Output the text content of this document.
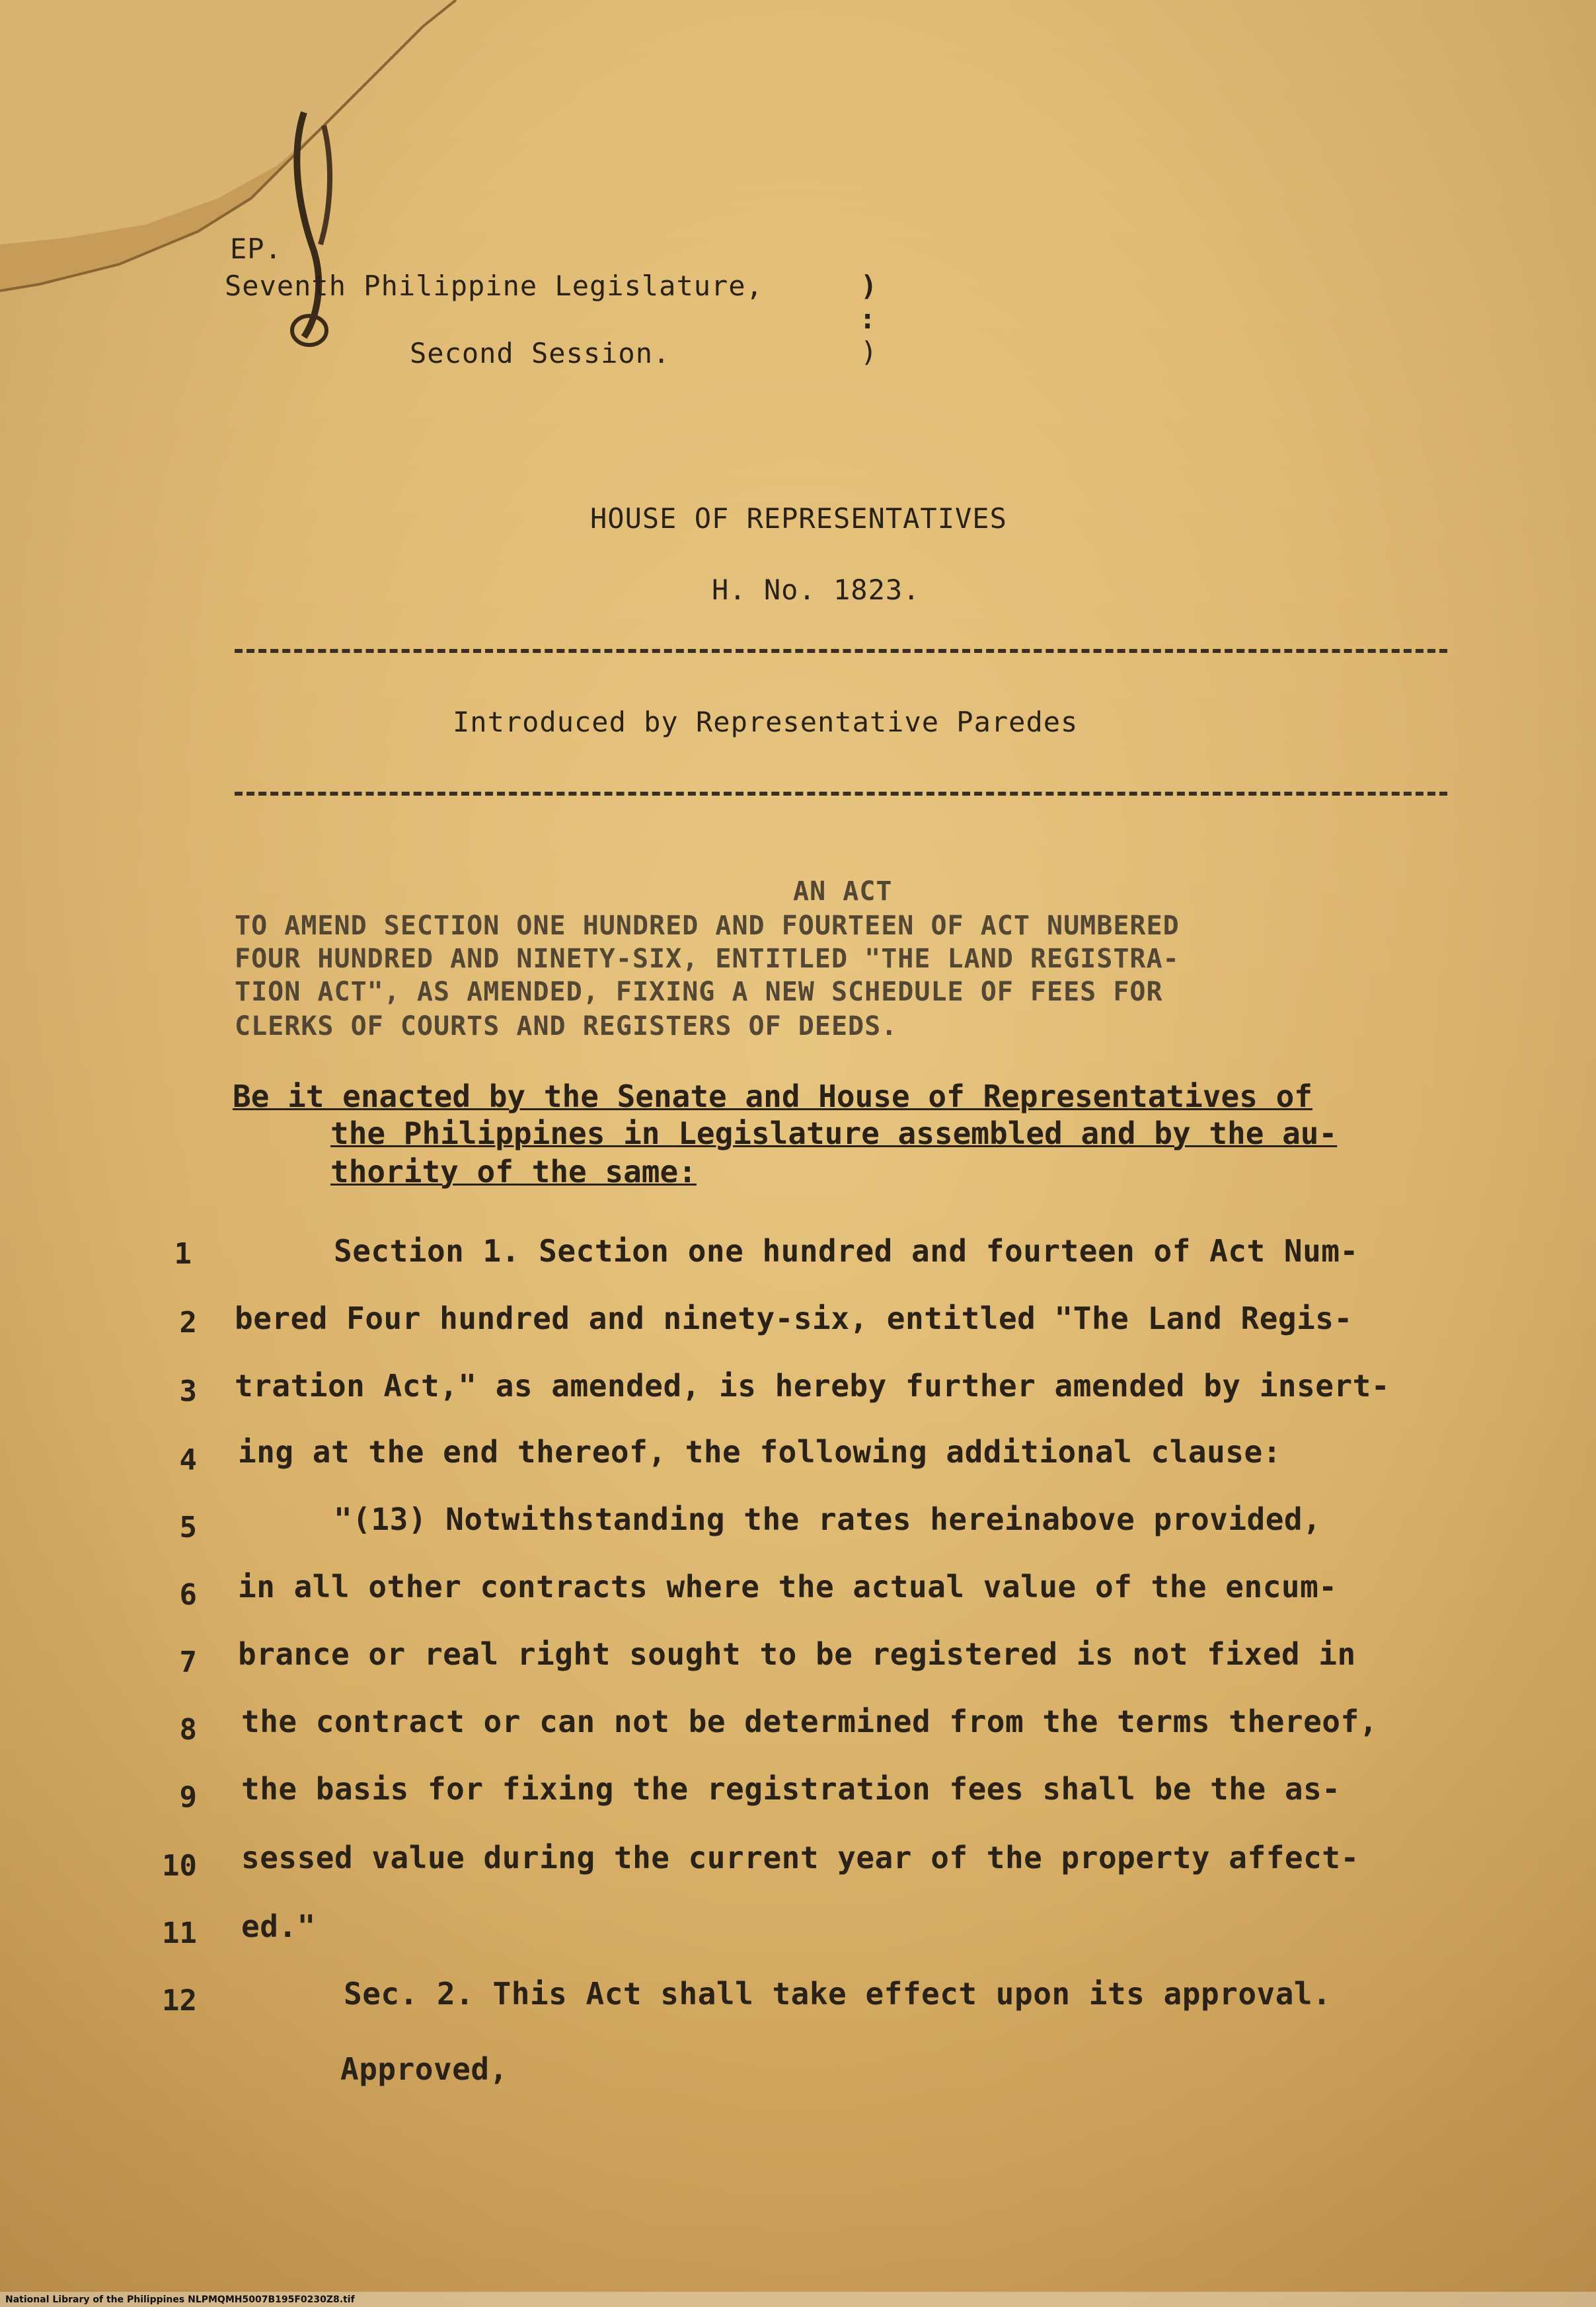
EP.
Seventh Philippine Legislature,	)
:
)
Second Session.
HOUSE OF REPRESENTATIVES
H. No. 1823.
Introduced by Representative Paredes
AN ACT
TO AMEND SECTION ONE HUNDRED AND FOURTEEN OF ACT NUMBERED
FOUR HUNDRED AND NINETY-SIX, ENTITLED "THE LAND REGISTRA-
TION ACT", AS AMENDED, FIXING A NEW SCHEDULE OF FEES FOR
CLERKS OF COURTS AND REGISTERS OF DEEDS.
Be it enacted by the Senate and House of Representatives of
the Philippines in Legislature assembled and by the au-
thority of the same:
1	Section 1. Section one hundred and fourteen of Act Num-
2 bered Four hundred and ninety-six, entitled "The Land Regis-
3 tration Act," as amended, is hereby further amended by insert-
4 ing at the end thereof, the following additional clause:
5	"(13) Notwithstanding the rates hereinabove provided,
6 in all other contracts where the actual value of the encum-
7 brance or real right sought to be registered is not fixed in
8 the contract or can not be determined from the terms thereof,
9 the basis for fixing the registration fees shall be the as-
10 sessed value during the current year of the property affect-
11 ed."
12	Sec. 2. This Act shall take effect upon its approval.
Approved,
National Library of the Philippines NLPMQMH5007B195F0230Z8.tif
